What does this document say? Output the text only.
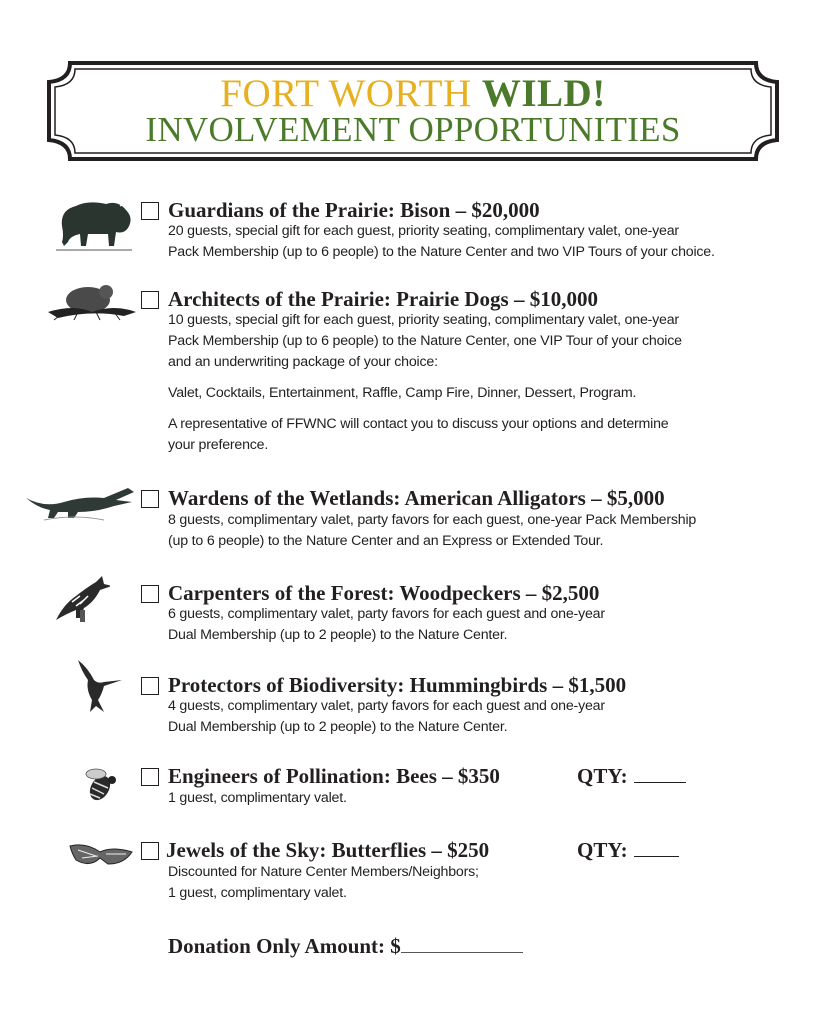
FORT WORTH WILD!
INVOLVEMENT OPPORTUNITIES
Guardians of the Prairie: Bison – $20,000

20 guests, special gift for each guest, priority seating, complimentary valet, one-year

Pack Membership (up to 6 people) to the Nature Center and two VIP Tours of your choice.

Architects of the Prairie: Prairie Dogs – $10,000

10 guests, special gift for each guest, priority seating, complimentary valet, one-year

Pack Membership (up to 6 people) to the Nature Center, one VIP Tour of your choice

and an underwriting package of your choice:

Valet, Cocktails, Entertainment, Raffle, Camp Fire, Dinner, Dessert, Program.

A representative of FFWNC will contact you to discuss your options and determine

your preference.

Wardens of the Wetlands: American Alligators – $5,000

8 guests, complimentary valet, party favors for each guest, one-year Pack Membership

(up to 6 people) to the Nature Center and an Express or Extended Tour.

Carpenters of the Forest: Woodpeckers – $2,500

6 guests, complimentary valet, party favors for each guest and one-year

Dual Membership (up to 2 people) to the Nature Center.

Protectors of Biodiversity: Hummingbirds – $1,500

4 guests, complimentary valet, party favors for each guest and one-year

Dual Membership (up to 2 people) to the Nature Center.

Engineers of Pollination: Bees – $350	QTY:

1 guest, complimentary valet.

Jewels of the Sky: Butterflies – $250	QTY:

Discounted for Nature Center Members/Neighbors;

1 guest, complimentary valet.

Donation Only Amount: $
